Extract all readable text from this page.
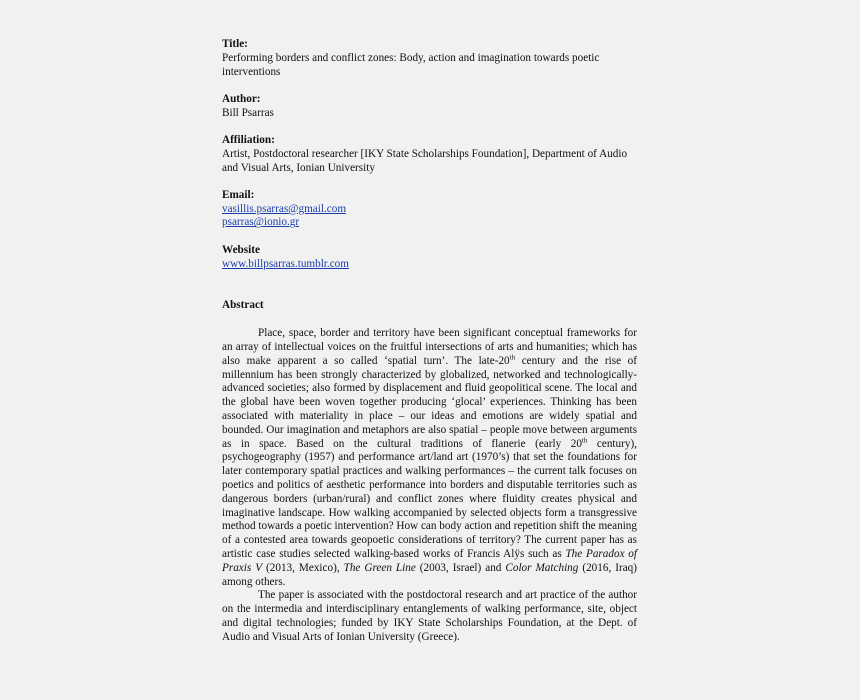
Title:
Performing borders and conflict zones: Body, action and imagination towards poetic interventions
Author:
Bill Psarras
Affiliation:
Artist, Postdoctoral researcher [IKY State Scholarships Foundation], Department of Audio and Visual Arts, Ionian University
Email:
vasillis.psarras@gmail.com
psarras@ionio.gr
Website
www.billpsarras.tumblr.com
Abstract

Place, space, border and territory have been significant conceptual frameworks for an array of intellectual voices on the fruitful intersections of arts and humanities; which has also make apparent a so called ‘spatial turn’. The late-20th century and the rise of millennium has been strongly characterized by globalized, networked and technologically-advanced societies; also formed by displacement and fluid geopolitical scene. The local and the global have been woven together producing ‘glocal’ experiences. Thinking has been associated with materiality in place – our ideas and emotions are widely spatial and bounded. Our imagination and metaphors are also spatial – people move between arguments as in space. Based on the cultural traditions of flanerie (early 20th century), psychogeography (1957) and performance art/land art (1970’s) that set the foundations for later contemporary spatial practices and walking performances – the current talk focuses on poetics and politics of aesthetic performance into borders and disputable territories such as dangerous borders (urban/rural) and conflict zones where fluidity creates physical and imaginative landscape. How walking accompanied by selected objects form a transgressive method towards a poetic intervention? How can body action and repetition shift the meaning of a contested area towards geopoetic considerations of territory? The current paper has as artistic case studies selected walking-based works of Francis Alÿs such as The Paradox of Praxis V (2013, Mexico), The Green Line (2003, Israel) and Color Matching (2016, Iraq) among others.

The paper is associated with the postdoctoral research and art practice of the author on the intermedia and interdisciplinary entanglements of walking performance, site, object and digital technologies; funded by IKY State Scholarships Foundation, at the Dept. of Audio and Visual Arts of Ionian University (Greece).
